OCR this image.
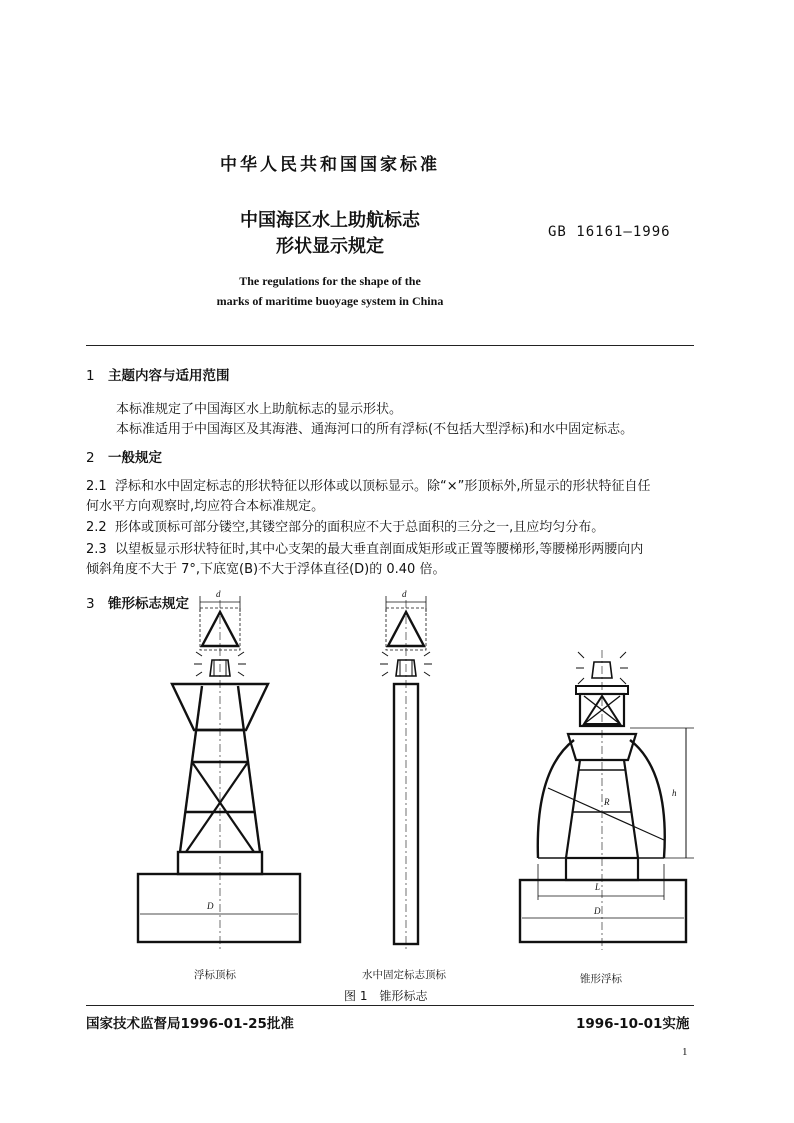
中华人民共和国国家标准
中国海区水上助航标志
形状显示规定
GB 16161—1996
The regulations for the shape of the
marks of maritime buoyage system in China
1 主题内容与适用范围
本标准规定了中国海区水上助航标志的显示形状。
本标准适用于中国海区及其海港、通海河口的所有浮标(不包括大型浮标)和水中固定标志。
2 一般规定
2.1 浮标和水中固定标志的形状特征以形体或以顶标显示。除“×”形顶标外,所显示的形状特征自任
何水平方向观察时,均应符合本标准规定。
2.2 形体或顶标可部分镂空,其镂空部分的面积应不大于总面积的三分之一,且应均匀分布。
2.3 以望板显示形状特征时,其中心支架的最大垂直剖面成矩形或正置等腰梯形,等腰梯形两腰向内
倾斜角度不大于 7°,下底宽(B)不大于浮体直径(D)的 0.40 倍。
3 锥形标志规定
d	d
D
R
h
L
D
浮标顶标	水中固定标志顶标	锥形浮标
图 1　锥形标志
国家技术监督局1996-01-25批准	1996-10-01实施
1
